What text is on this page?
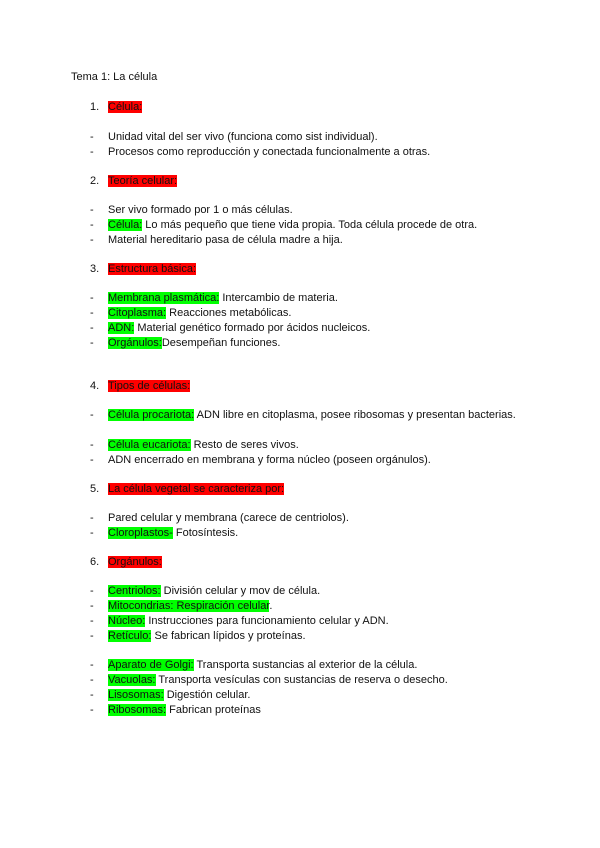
Tema 1: La célula
1. Célula:
- Unidad vital del ser vivo (funciona como sist individual).
- Procesos como reproducción y conectada funcionalmente a otras.
2. Teoría celular:
- Ser vivo formado por 1 o más células.
- Célula: Lo más pequeño que tiene vida propia. Toda célula procede de otra.
- Material hereditario pasa de célula madre a hija.
3. Estructura básica:
- Membrana plasmática: Intercambio de materia.
- Citoplasma: Reacciones metabólicas.
- ADN: Material genético formado por ácidos nucleicos.
- Orgánulos:Desempeñan funciones.
4. Tipos de células:
- Célula procariota: ADN libre en citoplasma, posee ribosomas y presentan bacterias.
- Célula eucariota: Resto de seres vivos.
- ADN encerrado en membrana y forma núcleo (poseen orgánulos).
5. La célula vegetal se caracteriza por:
- Pared celular y membrana (carece de centriolos).
- Cloroplastos- Fotosíntesis.
6. Orgánulos:
- Centriolos: División celular y mov de célula.
- Mitocondrias: Respiración celular.
- Núcleo: Instrucciones para funcionamiento celular y ADN.
- Retículo: Se fabrican lípidos y proteínas.
- Aparato de Golgi: Transporta sustancias al exterior de la célula.
- Vacuolas: Transporta vesículas con sustancias de reserva o desecho.
- Lisosomas: Digestión celular.
- Ribosomas: Fabrican proteínas
